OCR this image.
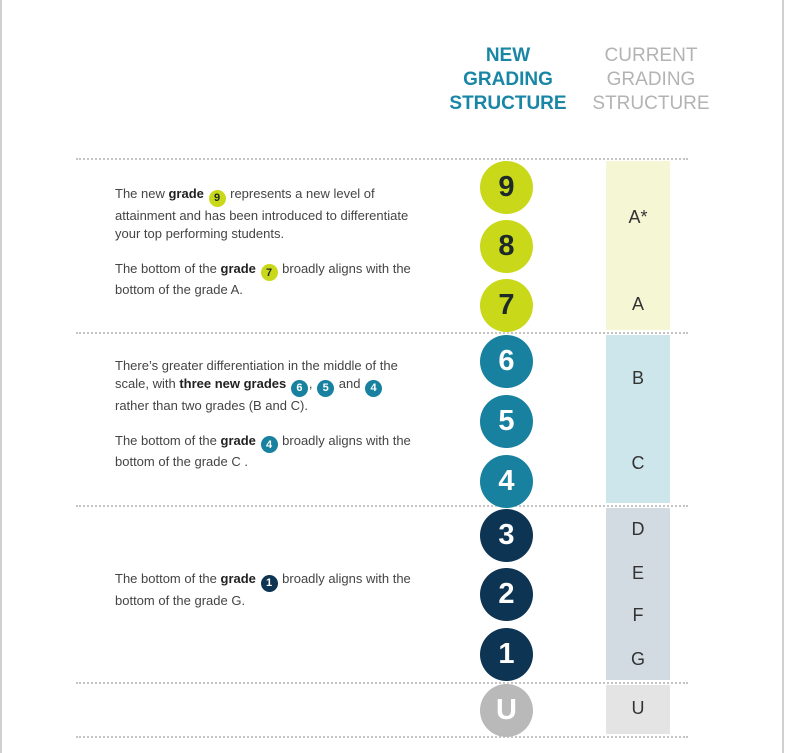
NEW
GRADING
STRUCTURE
CURRENT
GRADING
STRUCTURE
A*
A
B
C
D
E
F
G
U
9
8
7
6
5
4
3
2
1
U

The new grade 9 represents a new level of attainment and has been introduced to differentiate your top performing students.

The bottom of the grade 7 broadly aligns with the bottom of the grade A.

There’s greater differentiation in the middle of the scale, with three new grades 6 , 5 and 4 rather than two grades (B and C).

The bottom of the grade 4 broadly aligns with the bottom of the grade C .

The bottom of the grade 1 broadly aligns with the bottom of the grade G.
